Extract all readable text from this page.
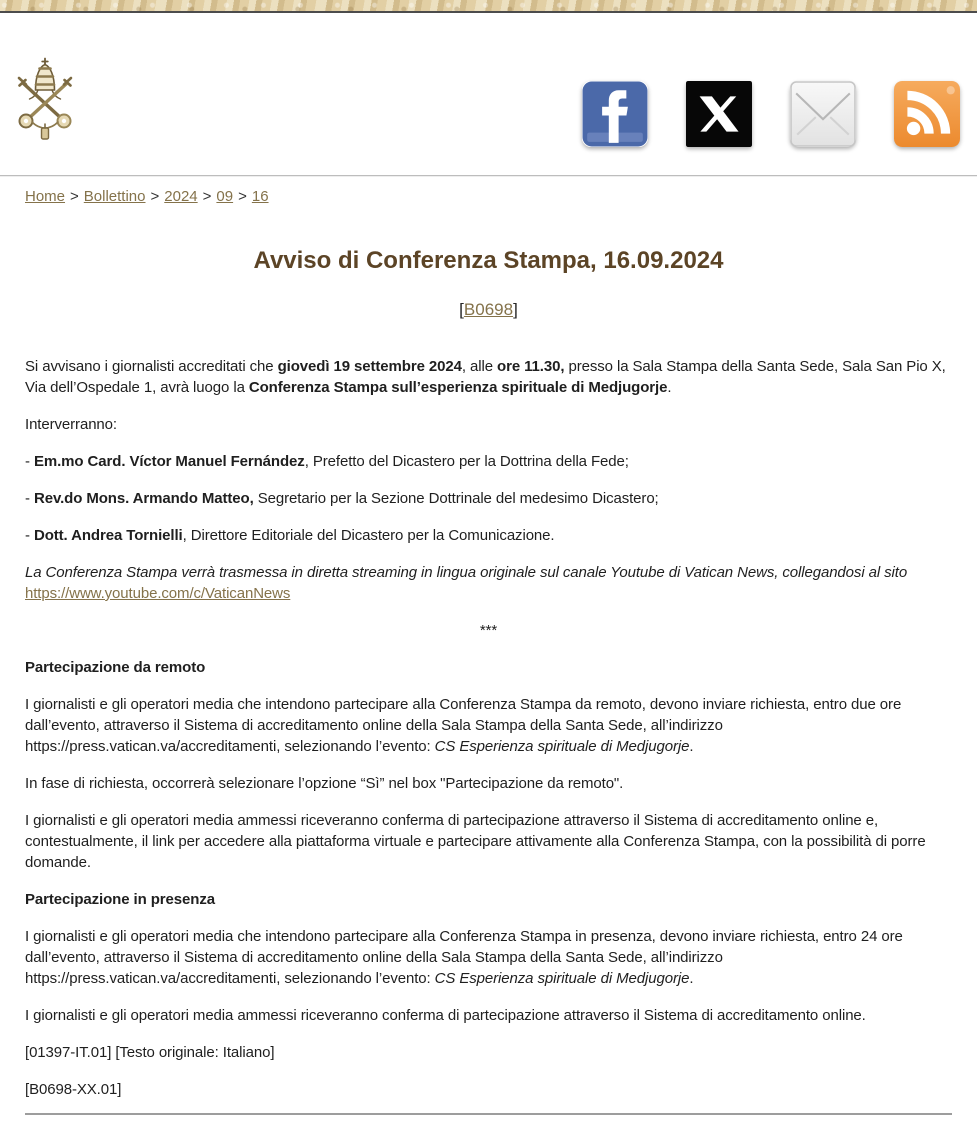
Home > Bollettino > 2024 > 09 > 16
Avviso di Conferenza Stampa, 16.09.2024

[B0698]

Si avvisano i giornalisti accreditati che giovedì 19 settembre 2024, alle ore 11.30, presso la Sala Stampa della Santa Sede, Sala San Pio X, Via dell’Ospedale 1, avrà luogo la Conferenza Stampa sull’esperienza spirituale di Medjugorje.

Interverranno:

- Em.mo Card. Víctor Manuel Fernández, Prefetto del Dicastero per la Dottrina della Fede;

- Rev.do Mons. Armando Matteo, Segretario per la Sezione Dottrinale del medesimo Dicastero;

- Dott. Andrea Tornielli, Direttore Editoriale del Dicastero per la Comunicazione.

La Conferenza Stampa verrà trasmessa in diretta streaming in lingua originale sul canale Youtube di Vatican News, collegandosi al sito https://www.youtube.com/c/VaticanNews

***

Partecipazione da remoto

I giornalisti e gli operatori media che intendono partecipare alla Conferenza Stampa da remoto, devono inviare richiesta, entro due ore dall’evento, attraverso il Sistema di accreditamento online della Sala Stampa della Santa Sede, all’indirizzo https://press.vatican.va/accreditamenti, selezionando l’evento: CS Esperienza spirituale di Medjugorje.

In fase di richiesta, occorrerà selezionare l’opzione “Sì” nel box "Partecipazione da remoto".

I giornalisti e gli operatori media ammessi riceveranno conferma di partecipazione attraverso il Sistema di accreditamento online e, contestualmente, il link per accedere alla piattaforma virtuale e partecipare attivamente alla Conferenza Stampa, con la possibilità di porre domande.

Partecipazione in presenza

I giornalisti e gli operatori media che intendono partecipare alla Conferenza Stampa in presenza, devono inviare richiesta, entro 24 ore dall’evento, attraverso il Sistema di accreditamento online della Sala Stampa della Santa Sede, all’indirizzo https://press.vatican.va/accreditamenti, selezionando l’evento: CS Esperienza spirituale di Medjugorje.

I giornalisti e gli operatori media ammessi riceveranno conferma di partecipazione attraverso il Sistema di accreditamento online.

[01397-IT.01] [Testo originale: Italiano]

[B0698-XX.01]
